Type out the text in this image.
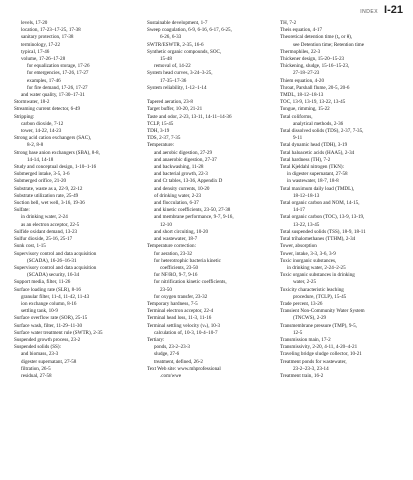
INDEX I-21
levels, 17-20
location, 17-23–17-25, 17-38
sanitary protection, 17-38
terminology, 17-22
typical, 17-46
volume, 17-26–17-28
for equalization storage, 17-26
for emergencies, 17-26, 17-27
examples, 17-46
for fire demand, 17-26, 17-27
and water quality, 17-30–17-31
Stormwater, 18-2
Streaming current detector, 6-49
Stripping:
carbon dioxide, 7-12
tower, 14-22, 14-23
Strong acid cation exchangers (SAC),
8-2, 8-8
Strong base anion exchangers (SBA), 8-8,
14-14, 14-18
Study and conceptual design, 1-10–1-16
Submerged intake, 3-5, 3-6
Submerged orifice, 21-20
Substrate, waste as a, 22-9, 22-12
Substrate utilization rate, 25-49
Suction bell, wet well, 3-16, 19-36
Sulfate:
in drinking water, 2-24
as an electron acceptor, 22-5
Sulfide oxidant demand, 13-23
Sulfur dioxide, 25-16, 25-17
Sunk cost, 1-15
Supervisory control and data acquisition
(SCADA), 16-26–16-31
Supervisory control and data acquisition
(SCADA) security, 16-34
Support media, filter, 11-26
Surface loading rate (SLR), 8-16
granular filter, 11-4, 11-42, 11-43
ion exchange column, 8-16
settling tank, 10-9
Surface overflow rate (SOR), 25-15
Surface wash, filter, 11-29–11-30
Surface water treatment rule (SWTR), 2-35
Suspended growth process, 23-2
Suspended solids (SS):
and biomass, 23-3
digester supernatant, 27-58
filtration, 26-5
residual, 27-58
Sustainable development, 1-7
Sweep coagulation, 6-9, 6-16, 6-17, 6-25,
6-26, 6-33
SWTR/ESWTR, 2-35, 16-6
Synthetic organic compounds, SOC,
15-48
removal of, 14-22
System head curves, 3-24–3-25,
17-35–17-36
System reliability, 1-12–1-14

Tapered aeration, 23-8
Target buffer, 10-20, 21-21
Taste and odor, 2-23, 13-11, 14-11–14-36
TCLP, 15-45
TDH, 3-19
TDS, 2-37, 7-35
Temperature:
and aerobic digestion, 27-29
and anaerobic digestion, 27-37
and backwashing, 11-28
and bacterial growth, 22-3
and Ct tables, 13-36, Appendix D
and density currents, 10-20
of drinking water, 2-23
and flocculation, 6-37
and kinetic coefficients, 23-50, 27-38
and membrane performance, 9-7, 9-16,
12-10
and short circuiting, 10-20
and wastewater, 18-7
Temperature correction:
for aeration, 23-32
for heterotrophic bacteria kinetic
coefficients, 23-50
for NF/RO, 9-7, 9-16
for nitrification kinetic coefficients,
23-50
for oxygen transfer, 23-32
Temporary hardness, 7-5
Terminal electron acceptor, 22-4
Terminal head loss, 11-3, 11-16
Terminal settling velocity (vₛ), 10-3
calculation of, 10-3, 10-4–10-7
Tertiary:
ponds, 23-2–23-3
sludge, 27-6
treatment, defined, 26-2
Text Web site: www.mhprofessional
.com/wwe
TH, 7-2
Theis equation, 4-17
Theoretical detention time (t₀ or θ),
see Detention time; Retention time
Thermophiles, 22-3
Thickener design, 15-20–15-23
Thickening, sludge, 15-16–15-23,
27-18–27-23
Thiem equation, 4-20
Throat, Parshall flume, 20-5, 20-6
TMDL, 18-12–18-13
TOC, 13-9, 13-19, 13-22, 13-45
Tongue, rimming, 15-22
Total coliforms,
analytical methods, 2-36
Total dissolved solids (TDS), 2-37, 7-35,
9-11
Total dynamic head (TDH), 3-19
Total haloacetic acids (HAA5), 2-34
Total hardness (TH), 7-2
Total Kjeldahl nitrogen (TKN):
in digester supernatant, 27-58
in wastewater, 18-7, 18-8
Total maximum daily load (TMDL),
18-12–18-13
Total organic carbon and NOM, 14-15,
14-17
Total organic carbon (TOC), 13-9, 13-19,
13-22, 13-45
Total suspended solids (TSS), 18-9, 18-11
Total trihalomethanes (TTHM), 2-34
Tower, absorption
Tower, intake, 3-3, 3-6, 3-9
Toxic inorganic substances,
in drinking water, 2-24–2-25
Toxic organic substances in drinking
water, 2-25
Toxicity characteristic leaching
procedure, (TCLP), 15-45
Trade percent, 13-26
Transient Non-Community Water System
(TNCWS), 2-29
Transmembrane pressure (TMP), 9-5,
12-5
Transmission main, 17-2
Transmissivity, 2-20, 4-11, 4-20–4-21
Traveling bridge sludge collector, 10-21
Treatment ponds for wastewater,
23-2–23-3, 23-14
Treatment train, 16-2
